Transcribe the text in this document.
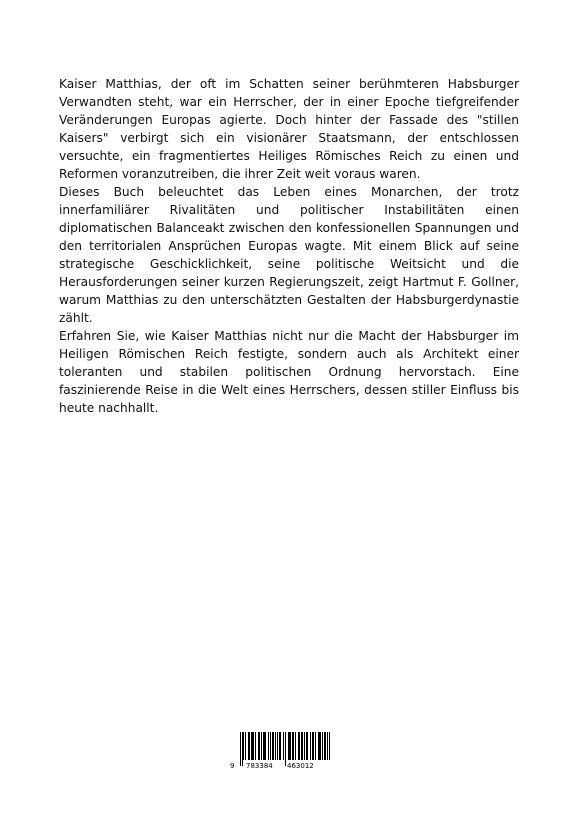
Kaiser Matthias, der oft im Schatten seiner berühmteren Habsburger Verwandten steht, war ein Herrscher, der in einer Epoche tiefgreifender Veränderungen Europas agierte. Doch hinter der Fassade des "stillen Kaisers" verbirgt sich ein visionärer Staatsmann, der entschlossen versuchte, ein fragmentiertes Heiliges Römisches Reich zu einen und Reformen voranzutreiben, die ihrer Zeit weit voraus waren.

Dieses Buch beleuchtet das Leben eines Monarchen, der trotz innerfamiliärer Rivalitäten und politischer Instabilitäten einen diplomatischen Balanceakt zwischen den konfessionellen Spannungen und den territorialen Ansprüchen Europas wagte. Mit einem Blick auf seine strategische Geschicklichkeit, seine politische Weitsicht und die Herausforderungen seiner kurzen Regierungszeit, zeigt Hartmut F. Gollner, warum Matthias zu den unterschätzten Gestalten der Habsburgerdynastie zählt.

Erfahren Sie, wie Kaiser Matthias nicht nur die Macht der Habsburger im Heiligen Römischen Reich festigte, sondern auch als Architekt einer toleranten und stabilen politischen Ordnung hervorstach. Eine faszinierende Reise in die Welt eines Herrschers, dessen stiller Einfluss bis heute nachhallt.

9 783384 463012
